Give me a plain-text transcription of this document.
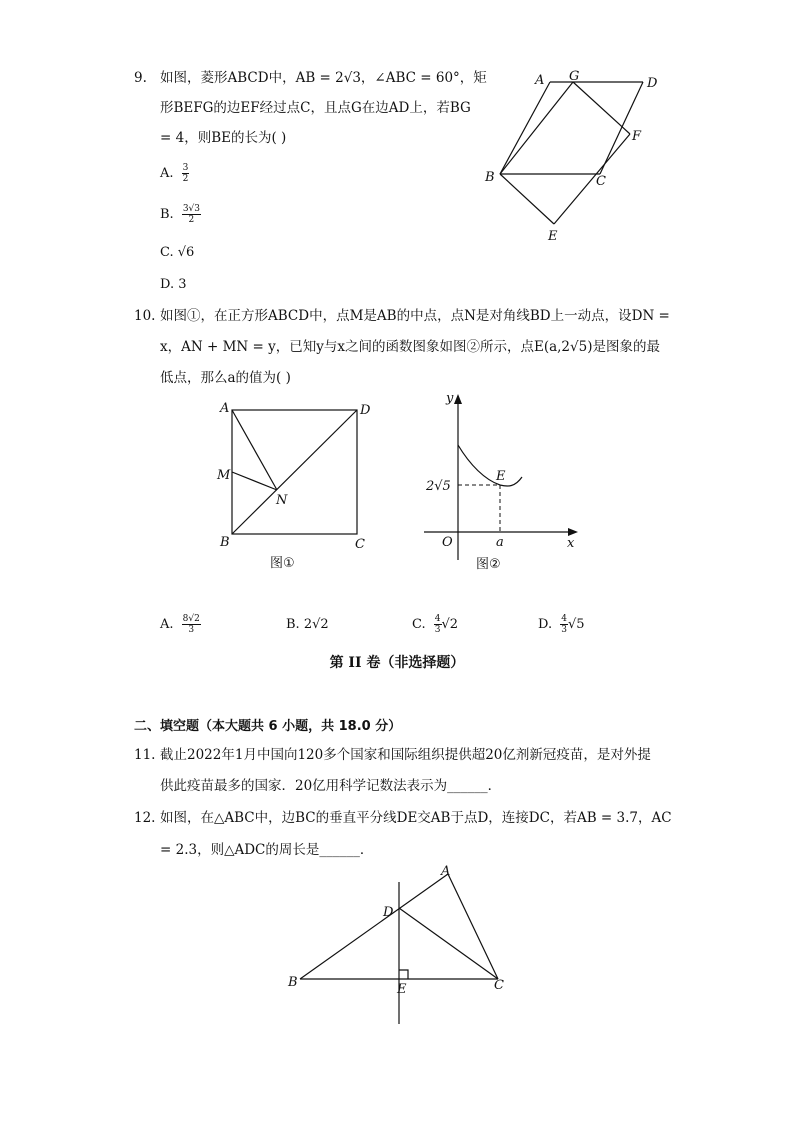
9. 如图，菱形ABCD中，AB = 2√3，∠ABC = 60°，矩
形BEFG的边EF经过点C，且点G在边AD上，若BG
= 4，则BE的长为( )
A. $\frac{3}{2}$
B. $\frac{3√3}{2}$
C. √6
D. 3
A G	D
F
B	C
E
10. 如图①，在正方形ABCD中，点M是AB的中点，点N是对角线BD上一动点，设DN =
x，AN + MN = y，已知y与x之间的函数图象如图②所示，点E(a,2√5)是图象的最
低点，那么a的值为( )
A	D
M
N
B	C
图①
y
E
2√5
O	a	x
图②
A. $\frac{8√2}{3}$	B. 2√2	C. $\frac{4}{3} √2$	D. $\frac{4}{3} √5$
第 II 卷（非选择题）
二、填空题（本大题共 6 小题，共 18.0 分）
11. 截止2022年1月中国向120多个国家和国际组织提供超20亿剂新冠疫苗，是对外提
供此疫苗最多的国家．20亿用科学记数法表示为______．
12. 如图，在△ABC中，边BC的垂直平分线DE交AB于点D，连接DC，若AB = 3.7，AC
= 2.3，则△ADC的周长是______．
A
D
B	E	C
